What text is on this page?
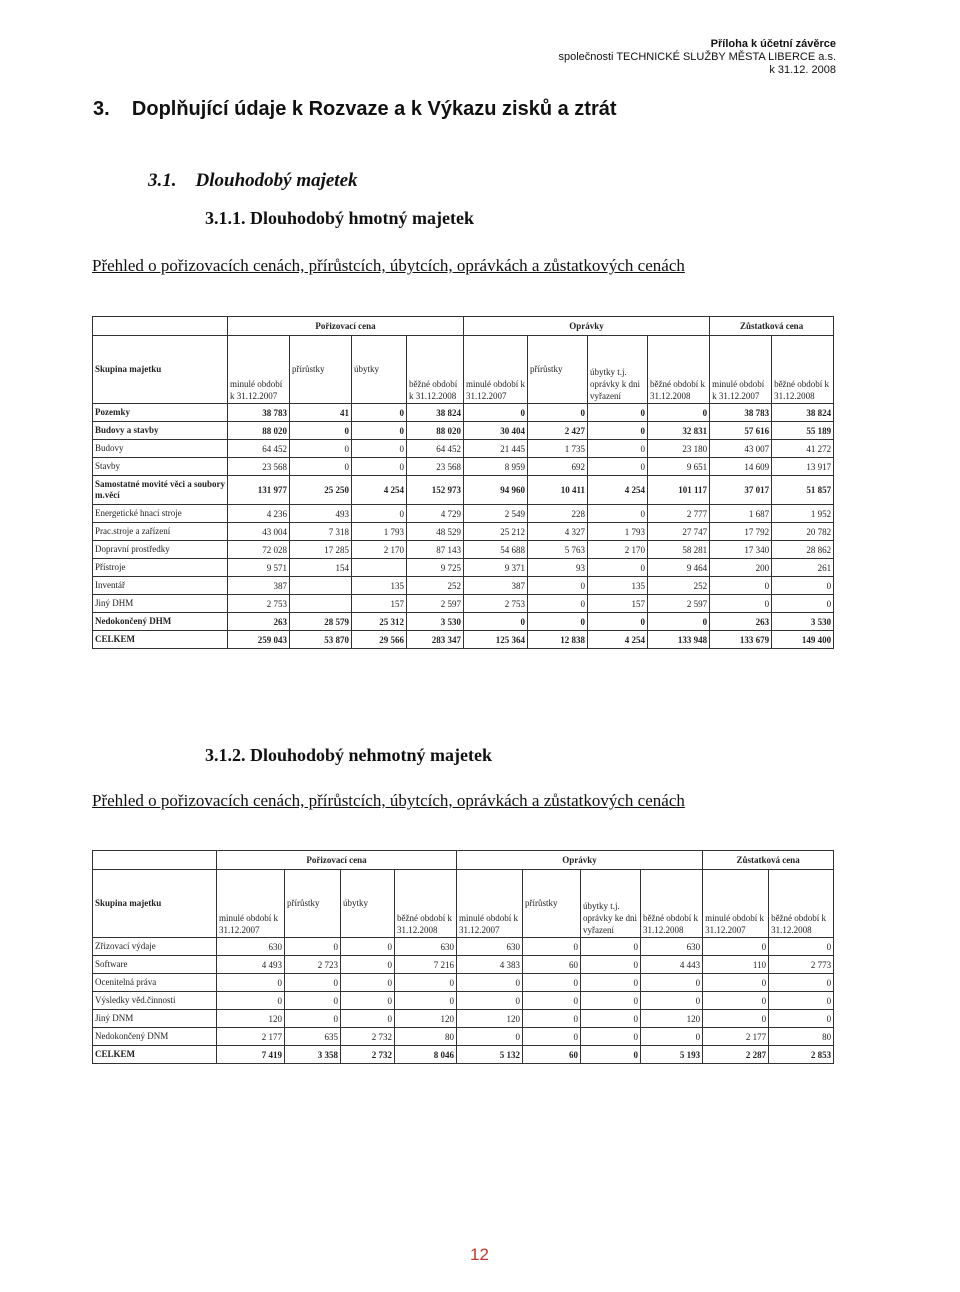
Příloha k účetní závěrce
společnosti TECHNICKÉ SLUŽBY MĚSTA LIBERCE a.s.
k 31.12. 2008
3.    Doplňující údaje k Rozvaze a k Výkazu zisků a ztrát
3.1.    Dlouhodobý majetek
3.1.1. Dlouhodobý hmotný majetek
Přehled o pořizovacích cenách, přírůstcích, úbytcích, oprávkách a zůstatkových cenách
	Pořizovací cena				Oprávky				Zůstatková cena	
Skupina majetku	minulé období k 31.12.2007	přírůstky	úbytky	běžné období k 31.12.2008	minulé období k 31.12.2007	přírůstky	úbytky t.j. oprávky k dni vyřazení	běžné období k 31.12.2008	minulé období k 31.12.2007	běžné období k 31.12.2008
Pozemky	38 783	41	0	38 824	0	0	0	0	38 783	38 824
Budovy a stavby	88 020	0	0	88 020	30 404	2 427	0	32 831	57 616	55 189
Budovy	64 452	0	0	64 452	21 445	1 735	0	23 180	43 007	41 272
Stavby	23 568	0	0	23 568	8 959	692	0	9 651	14 609	13 917
Samostatné movité věci a soubory m.věcí	131 977	25 250	4 254	152 973	94 960	10 411	4 254	101 117	37 017	51 857
Energetické hnací stroje	4 236	493	0	4 729	2 549	228	0	2 777	1 687	1 952
Prac.stroje a zařízení	43 004	7 318	1 793	48 529	25 212	4 327	1 793	27 747	17 792	20 782
Dopravní prostředky	72 028	17 285	2 170	87 143	54 688	5 763	2 170	58 281	17 340	28 862
Přístroje	9 571	154		9 725	9 371	93	0	9 464	200	261
Inventář	387		135	252	387	0	135	252	0	0
Jiný DHM	2 753		157	2 597	2 753	0	157	2 597	0	0
Nedokončený DHM	263	28 579	25 312	3 530	0	0	0	0	263	3 530
CELKEM	259 043	53 870	29 566	283 347	125 364	12 838	4 254	133 948	133 679	149 400
3.1.2. Dlouhodobý nehmotný majetek
Přehled o pořizovacích cenách, přírůstcích, úbytcích, oprávkách a zůstatkových cenách
	Pořizovací cena				Oprávky				Zůstatková cena	
Skupina majetku	minulé období k 31.12.2007	přírůstky	úbytky	běžné období k 31.12.2008	minulé období k 31.12.2007	přírůstky	úbytky t.j. oprávky ke dni vyřazení	běžné období k 31.12.2008	minulé období k 31.12.2007	běžné období k 31.12.2008
Zřizovací výdaje	630	0	0	630	630	0	0	630	0	0
Software	4 493	2 723	0	7 216	4 383	60	0	4 443	110	2 773
Ocenitelná práva	0	0	0	0	0	0	0	0	0	0
Výsledky věd.činnosti	0	0	0	0	0	0	0	0	0	0
Jiný DNM	120	0	0	120	120	0	0	120	0	0
Nedokončený DNM	2 177	635	2 732	80	0	0	0	0	2 177	80
CELKEM	7 419	3 358	2 732	8 046	5 132	60	0	5 193	2 287	2 853
12
